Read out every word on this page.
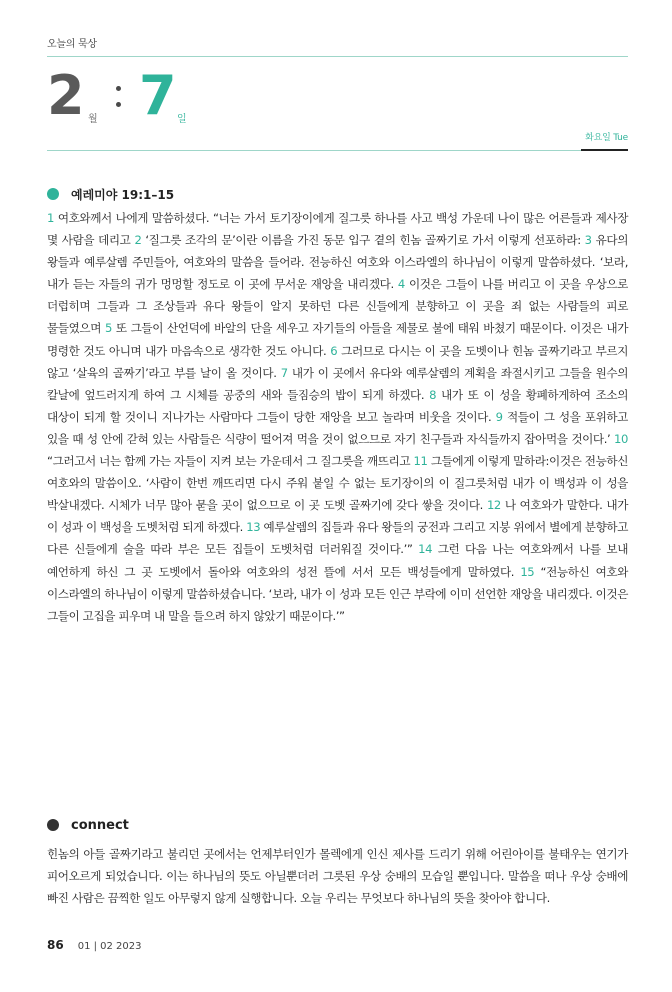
오늘의 묵상
2 월 7 일
화요일 Tue
예레미야 19:1–15
1 여호와께서 나에게 말씀하셨다. “너는 가서 토기장이에게 질그릇 하나를 사고 백성 가운데 나이 많은 어른들과 제사장 몇 사람을 데리고 2 ‘질그릇 조각의 문’이란 이름을 가진 동문 입구 곁의 힌놈 골짜기로 가서 이렇게 선포하라: 3 유다의 왕들과 예루살렘 주민들아, 여호와의 말씀을 들어라. 전능하신 여호와 이스라엘의 하나님이 이렇게 말씀하셨다. ‘보라, 내가 듣는 자들의 귀가 멍멍할 정도로 이 곳에 무서운 재앙을 내리겠다. 4 이것은 그들이 나를 버리고 이 곳을 우상으로 더럽히며 그들과 그 조상들과 유다 왕들이 알지 못하던 다른 신들에게 분향하고 이 곳을 죄 없는 사람들의 피로 물들였으며 5 또 그들이 산언덕에 바알의 단을 세우고 자기들의 아들을 제물로 불에 태워 바쳤기 때문이다. 이것은 내가 명령한 것도 아니며 내가 마음속으로 생각한 것도 아니다. 6 그러므로 다시는 이 곳을 도벳이나 힌놈 골짜기라고 부르지 않고 ‘살육의 골짜기’라고 부를 날이 올 것이다. 7 내가 이 곳에서 유다와 예루살렘의 계획을 좌절시키고 그들을 원수의 칼날에 엎드러지게 하여 그 시체를 공중의 새와 들짐승의 밥이 되게 하겠다. 8 내가 또 이 성을 황폐하게하여 조소의 대상이 되게 할 것이니 지나가는 사람마다 그들이 당한 재앙을 보고 놀라며 비웃을 것이다. 9 적들이 그 성을 포위하고 있을 때 성 안에 갇혀 있는 사람들은 식량이 떨어져 먹을 것이 없으므로 자기 친구들과 자식들까지 잡아먹을 것이다.’ 10 “그러고서 너는 함께 가는 자들이 지켜 보는 가운데서 그 질그릇을 깨뜨리고 11 그들에게 이렇게 말하라:이것은 전능하신 여호와의 말씀이오. ‘사람이 한번 깨뜨리면 다시 주워 붙일 수 없는 토기장이의 이 질그릇처럼 내가 이 백성과 이 성을 박살내겠다. 시체가 너무 많아 묻을 곳이 없으므로 이 곳 도벳 골짜기에 갖다 쌓을 것이다. 12 나 여호와가 말한다. 내가 이 성과 이 백성을 도벳처럼 되게 하겠다. 13 예루살렘의 집들과 유다 왕들의 궁전과 그리고 지붕 위에서 별에게 분향하고 다른 신들에게 술을 따라 부은 모든 집들이 도벳처럼 더러워질 것이다.’” 14 그런 다음 나는 여호와께서 나를 보내 예언하게 하신 그 곳 도벳에서 돌아와 여호와의 성전 뜰에 서서 모든 백성들에게 말하였다. 15 “전능하신 여호와 이스라엘의 하나님이 이렇게 말씀하셨습니다. ‘보라, 내가 이 성과 모든 인근 부락에 이미 선언한 재앙을 내리겠다. 이것은 그들이 고집을 피우며 내 말을 들으려 하지 않았기 때문이다.’”
connect
힌놈의 아들 골짜기라고 불리던 곳에서는 언제부터인가 몰렉에게 인신 제사를 드리기 위해 어린아이를 불태우는 연기가 피어오르게 되었습니다. 이는 하나님의 뜻도 아닐뿐더러 그릇된 우상 숭배의 모습일 뿐입니다. 말씀을 떠나 우상 숭배에 빠진 사람은 끔찍한 일도 아무렇지 않게 실행합니다. 오늘 우리는 무엇보다 하나님의 뜻을 찾아야 합니다.
86 01 | 02 2023
